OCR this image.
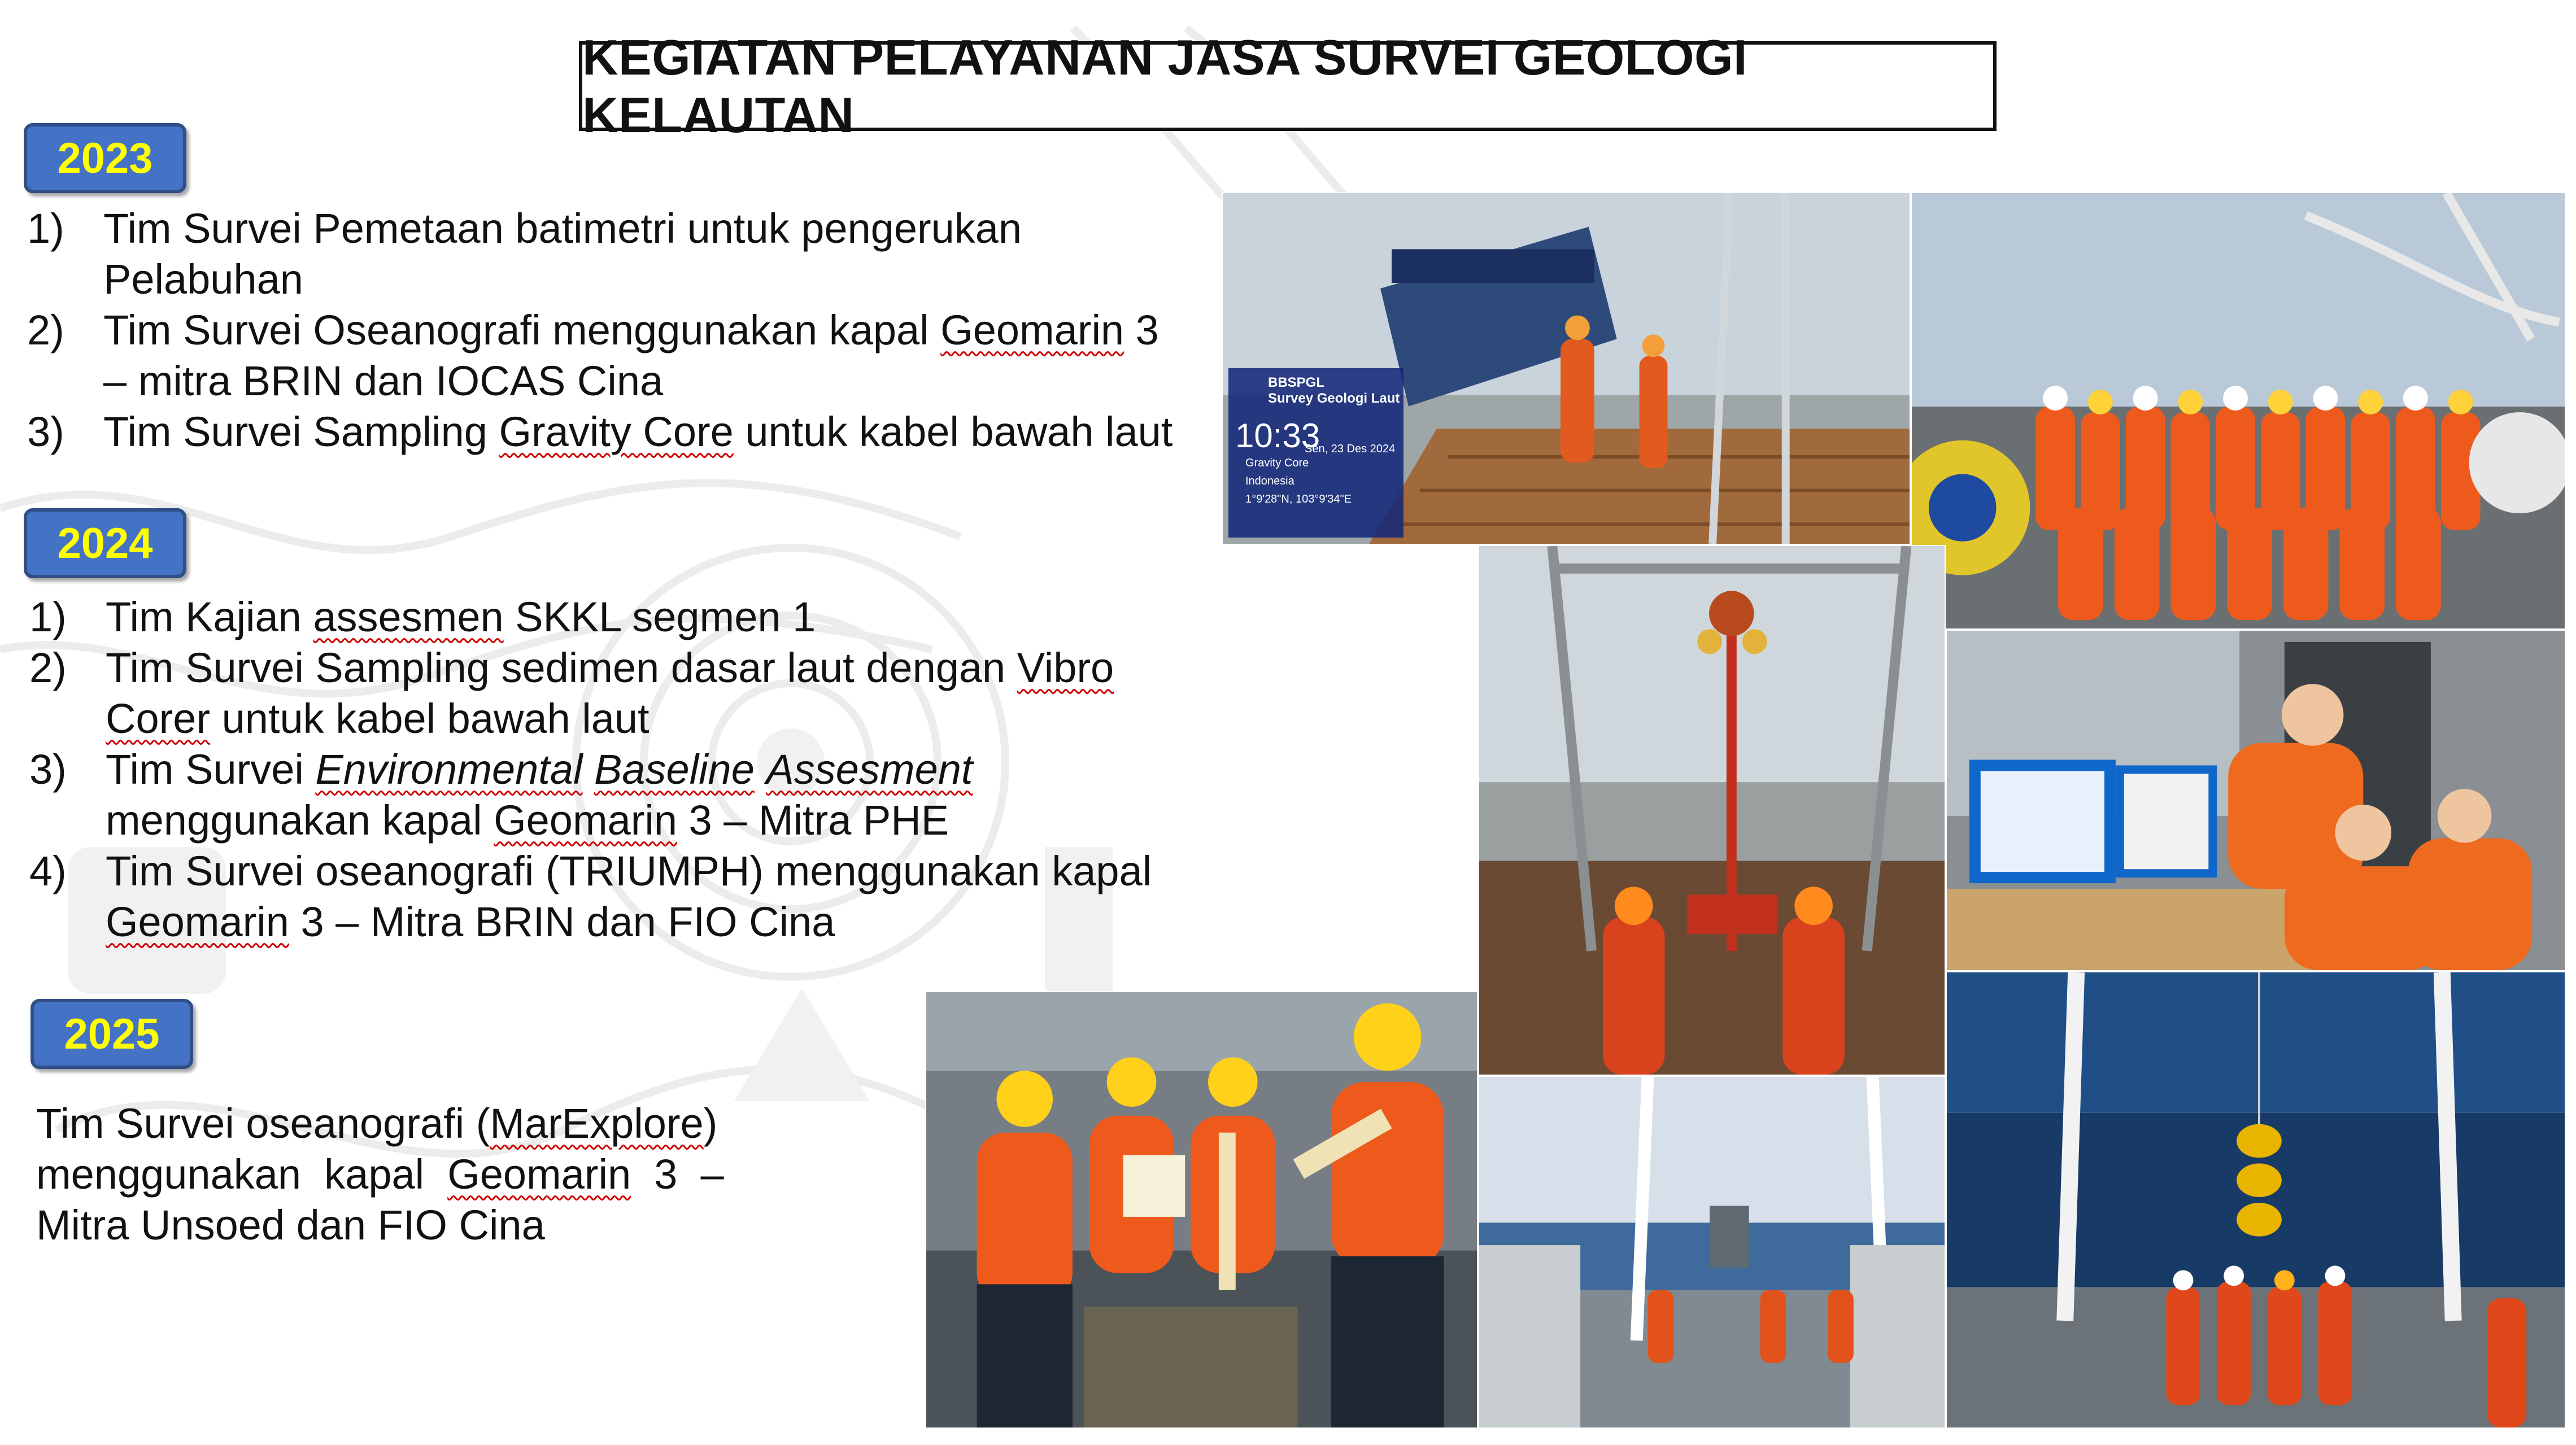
KEGIATAN PELAYANAN JASA SURVEI GEOLOGI KELAUTAN
2023
1) Tim Survei Pemetaan batimetri untuk pengerukan
Pelabuhan
2) Tim Survei Oseanografi menggunakan kapal Geomarin 3
– mitra BRIN dan IOCAS Cina
3) Tim Survei Sampling Gravity Core untuk kabel bawah laut
2024
1) Tim Kajian assesmen SKKL segmen 1
2) Tim Survei Sampling sedimen dasar laut dengan Vibro
Corer untuk kabel bawah laut
3) Tim Survei Environmental Baseline Assesment
menggunakan kapal Geomarin 3 – Mitra PHE
4) Tim Survei oseanografi (TRIUMPH) menggunakan kapal
Geomarin 3 – Mitra BRIN dan FIO Cina
2025
Tim Survei oseanografi (MarExplore)
menggunakan  kapal  Geomarin  3  –
Mitra Unsoed dan FIO Cina
BBSPGL
Survey Geologi Laut
10:33
Sen, 23 Des 2024
Gravity Core
Indonesia
1°9'28"N, 103°9'34"E
